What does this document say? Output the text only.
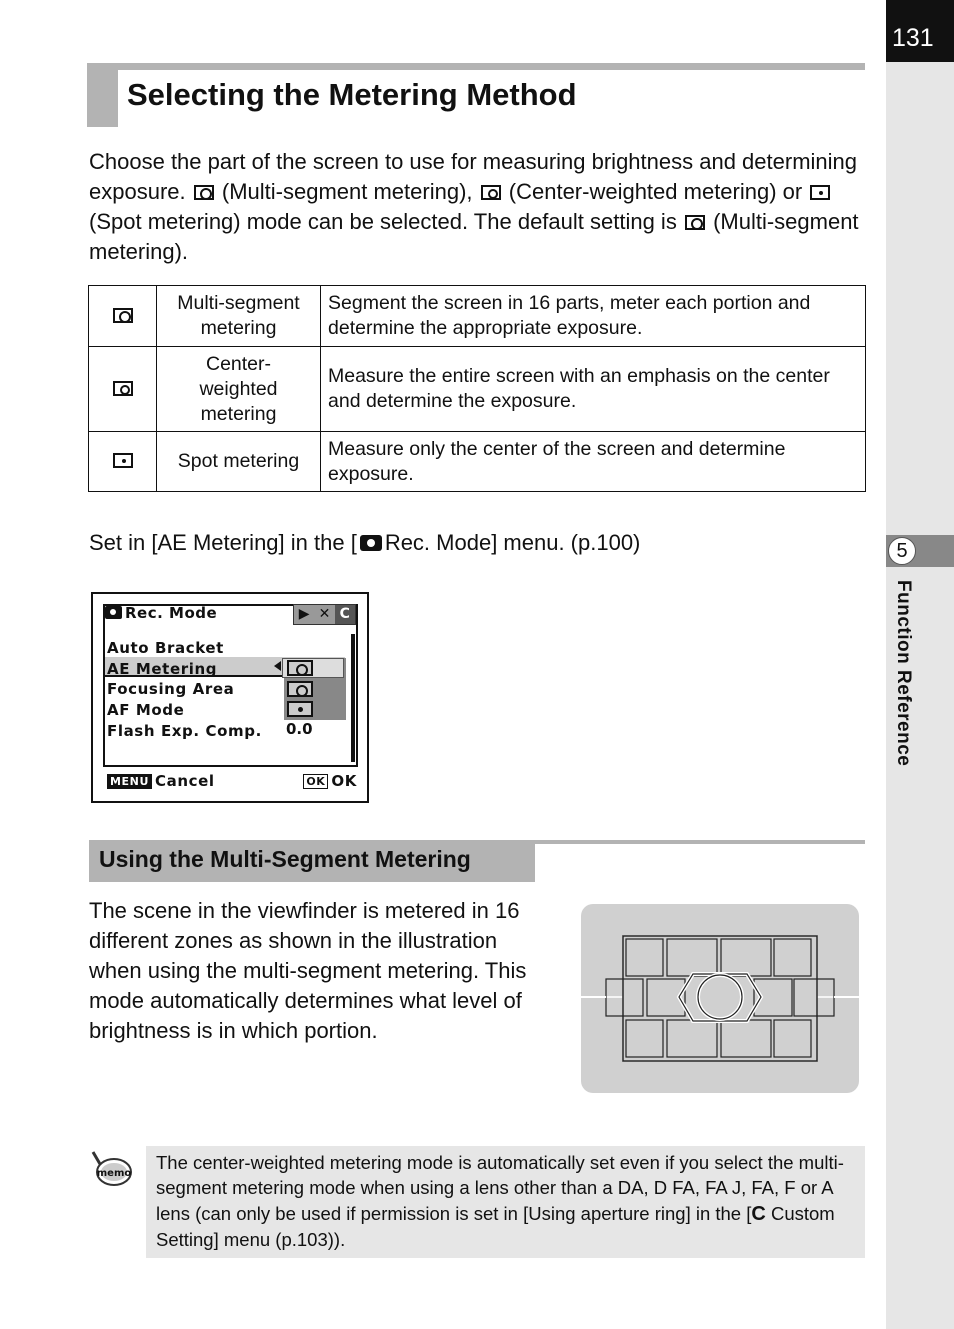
131
5
Function Reference
Selecting the Metering Method
Choose the part of the screen to use for measuring brightness and determining exposure. (Multi-segment metering), (Center-weighted metering) or  (Spot metering) mode can be selected. The default setting is (Multi-segment metering).
	Multi-segment metering	Segment the screen in 16 parts, meter each portion and determine the appropriate exposure.
	Center-weighted metering	Measure the entire screen with an emphasis on the center and determine the exposure.
	Spot metering	Measure only the center of the screen and determine exposure.
Set in [AE Metering] in the [ Rec. Mode] menu. (p.100)
Rec. Mode	▶ ✕ C
Auto Bracket
AE Metering
Focusing Area
AF Mode
Flash Exp. Comp. 0.0
MENU Cancel	OK OK
Using the Multi-Segment Metering
The scene in the viewfinder is metered in 16 different zones as shown in the illustration when using the multi-segment metering. This mode automatically determines what level of brightness is in which portion.
memo
The center-weighted metering mode is automatically set even if you select the multi-segment metering mode when using a lens other than a DA, D FA, FA J, FA, F or A lens (can only be used if permission is set in [Using aperture ring] in the [C Custom Setting] menu (p.103)).
